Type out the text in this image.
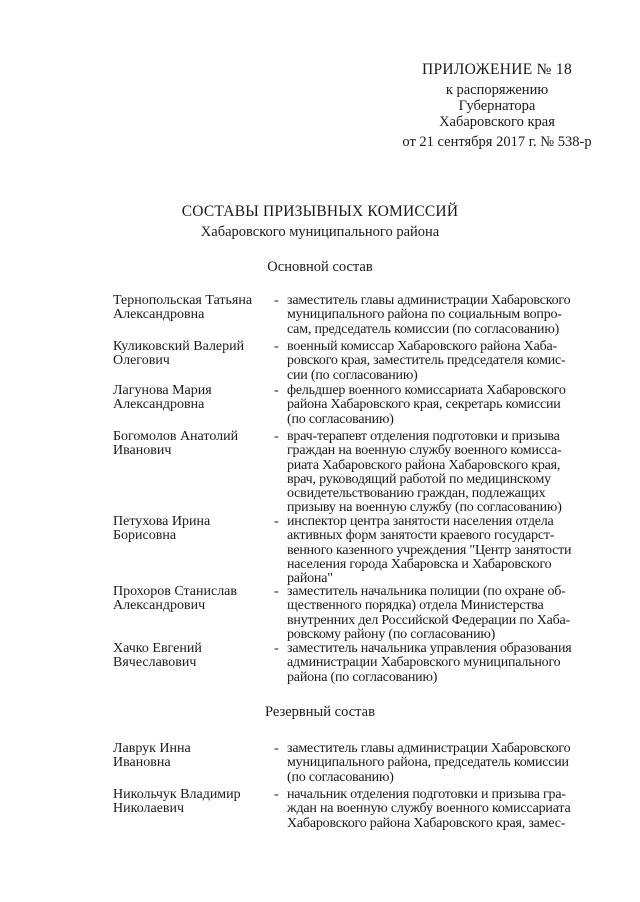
ПРИЛОЖЕНИЕ № 18
к распоряжению
Губернатора
Хабаровского края
от 21 сентября 2017 г. № 538-р
СОСТАВЫ ПРИЗЫВНЫХ КОМИССИЙ
Хабаровского муниципального района
Основной состав
Тернопольская Татьяна
Александровна
- заместитель главы администрации Хабаровского
муниципального района по социальным вопро-
сам, председатель комиссии (по согласованию)
Куликовский Валерий
Олегович
- военный комиссар Хабаровского района Хаба-
ровского края, заместитель председателя комис-
сии (по согласованию)
Лагунова Мария
Александровна
- фельдшер военного комиссариата Хабаровского
района Хабаровского края, секретарь комиссии
(по согласованию)
Богомолов Анатолий
Иванович
- врач-терапевт отделения подготовки и призыва
граждан на военную службу военного комисса-
риата Хабаровского района Хабаровского края,
врач, руководящий работой по медицинскому
освидетельствованию граждан, подлежащих
призыву на военную службу (по согласованию)
Петухова Ирина
Борисовна
- инспектор центра занятости населения отдела
активных форм занятости краевого государст-
венного казенного учреждения "Центр занятости
населения города Хабаровска и Хабаровского
района"
Прохоров Станислав
Александрович
- заместитель начальника полиции (по охране об-
щественного порядка) отдела Министерства
внутренних дел Российской Федерации по Хаба-
ровскому району (по согласованию)
Хачко Евгений
Вячеславович
- заместитель начальника управления образования
администрации Хабаровского муниципального
района (по согласованию)
Резервный состав
Лаврук Инна
Ивановна
- заместитель главы администрации Хабаровского
муниципального района, председатель комиссии
(по согласованию)
Никольчук Владимир
Николаевич
- начальник отделения подготовки и призыва гра-
ждан на военную службу военного комиссариата
Хабаровского района Хабаровского края, замес-
